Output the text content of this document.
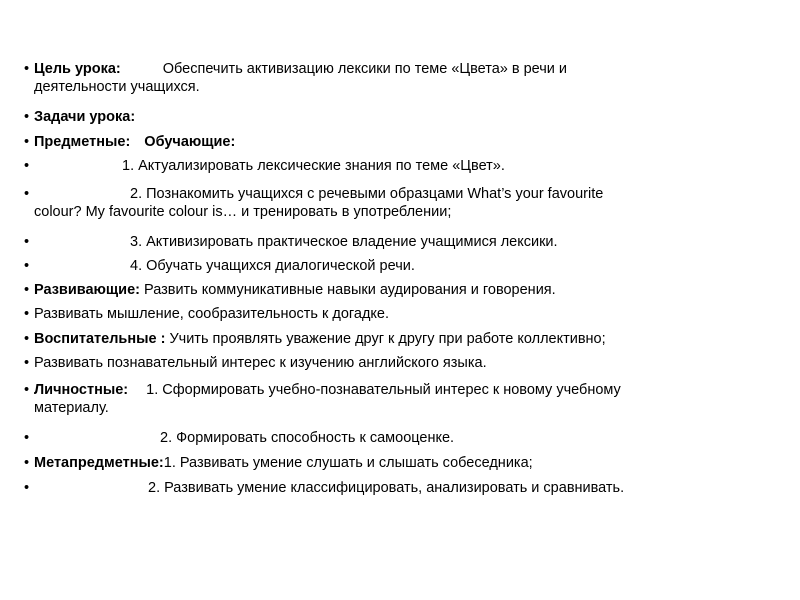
• Цель урока:	Обеспечить активизацию лексики по теме «Цвета» в речи и
деятельности учащихся.
• Задачи урока:
• Предметные: Обучающие:
•	1. Актуализировать лексические знания по теме «Цвет».
•	2. Познакомить учащихся с речевыми образцами What’s your favourite
colour? My favourite colour is… и тренировать в употреблении;
•	3. Активизировать практическое владение учащимися лексики.
•	4. Обучать учащихся диалогической речи.
• Развивающие: Развить коммуникативные навыки аудирования и говорения.
• Развивать мышление, сообразительность к догадке.
• Воспитательные : Учить проявлять уважение друг к другу при работе коллективно;
• Развивать познавательный интерес к изучению английского языка.
• Личностные: 1. Сформировать учебно-познавательный интерес к новому учебному
материалу.
•	2. Формировать способность к самооценке.
• Метапредметные:1. Развивать умение слушать и слышать собеседника;
•	2. Развивать умение классифицировать, анализировать и сравнивать.
